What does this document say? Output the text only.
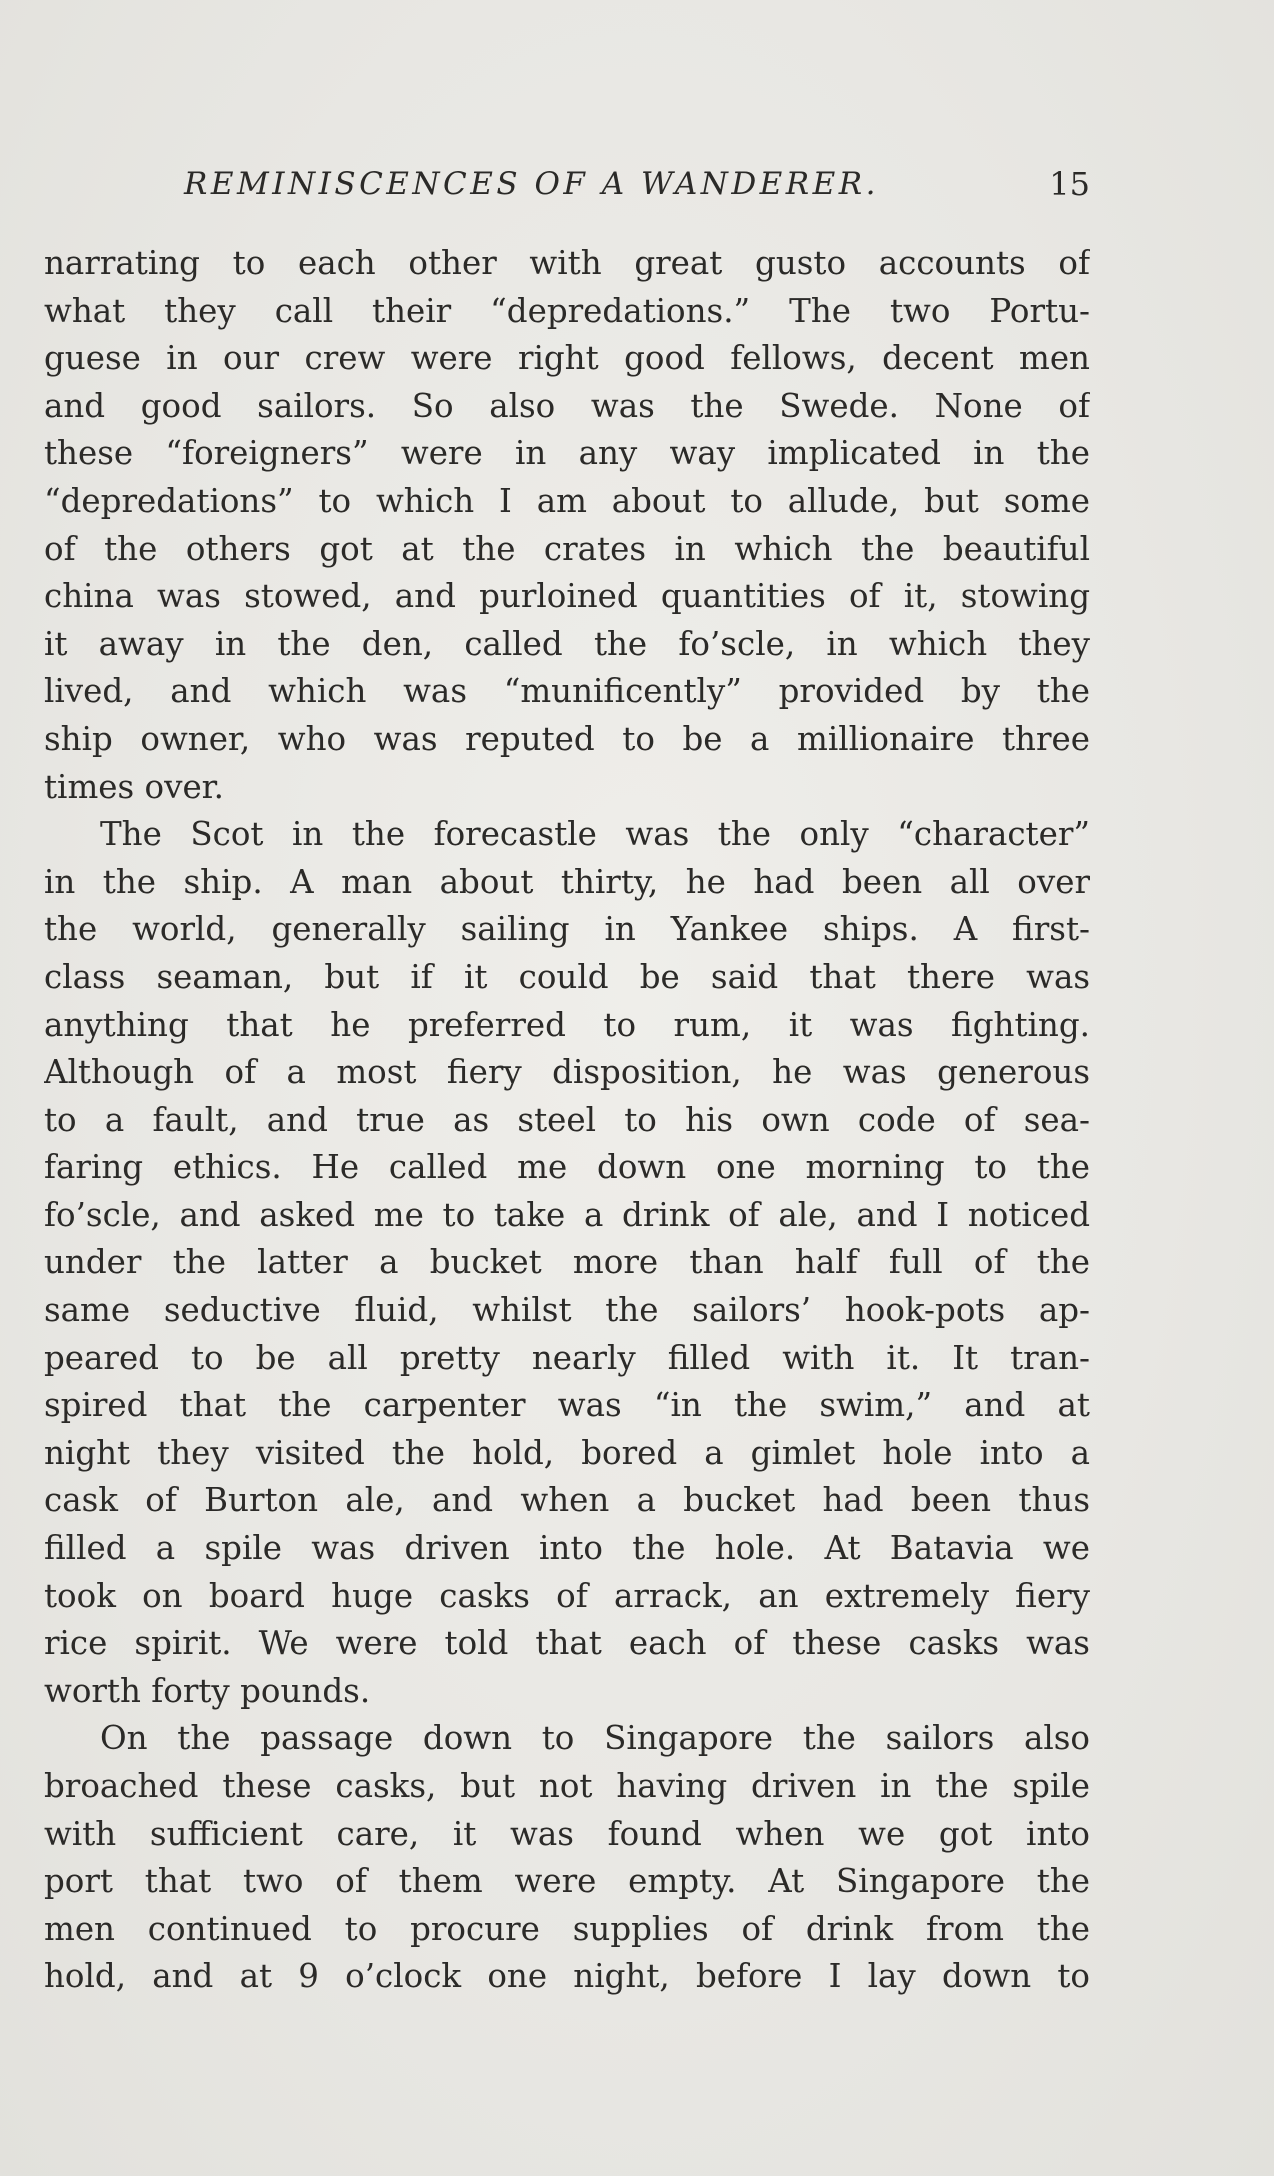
REMINISCENCES OF A WANDERER.	15
narrating to each other with great gusto accounts of
what they call their “depredations.” The two Portu-
guese in our crew were right good fellows, decent men
and good sailors. So also was the Swede. None of
these “foreigners” were in any way implicated in the
“depredations” to which I am about to allude, but some
of the others got at the crates in which the beautiful
china was stowed, and purloined quantities of it, stowing
it away in the den, called the fo’scle, in which they
lived, and which was “munificently” provided by the
ship owner, who was reputed to be a millionaire three
times over.
The Scot in the forecastle was the only “character”
in the ship. A man about thirty, he had been all over
the world, generally sailing in Yankee ships. A first-
class seaman, but if it could be said that there was
anything that he preferred to rum, it was fighting.
Although of a most fiery disposition, he was generous
to a fault, and true as steel to his own code of sea-
faring ethics. He called me down one morning to the
fo’scle, and asked me to take a drink of ale, and I noticed
under the latter a bucket more than half full of the
same seductive fluid, whilst the sailors’ hook-pots ap-
peared to be all pretty nearly filled with it. It tran-
spired that the carpenter was “in the swim,” and at
night they visited the hold, bored a gimlet hole into a
cask of Burton ale, and when a bucket had been thus
filled a spile was driven into the hole. At Batavia we
took on board huge casks of arrack, an extremely fiery
rice spirit. We were told that each of these casks was
worth forty pounds.
On the passage down to Singapore the sailors also
broached these casks, but not having driven in the spile
with sufficient care, it was found when we got into
port that two of them were empty. At Singapore the
men continued to procure supplies of drink from the
hold, and at 9 o’clock one night, before I lay down to
